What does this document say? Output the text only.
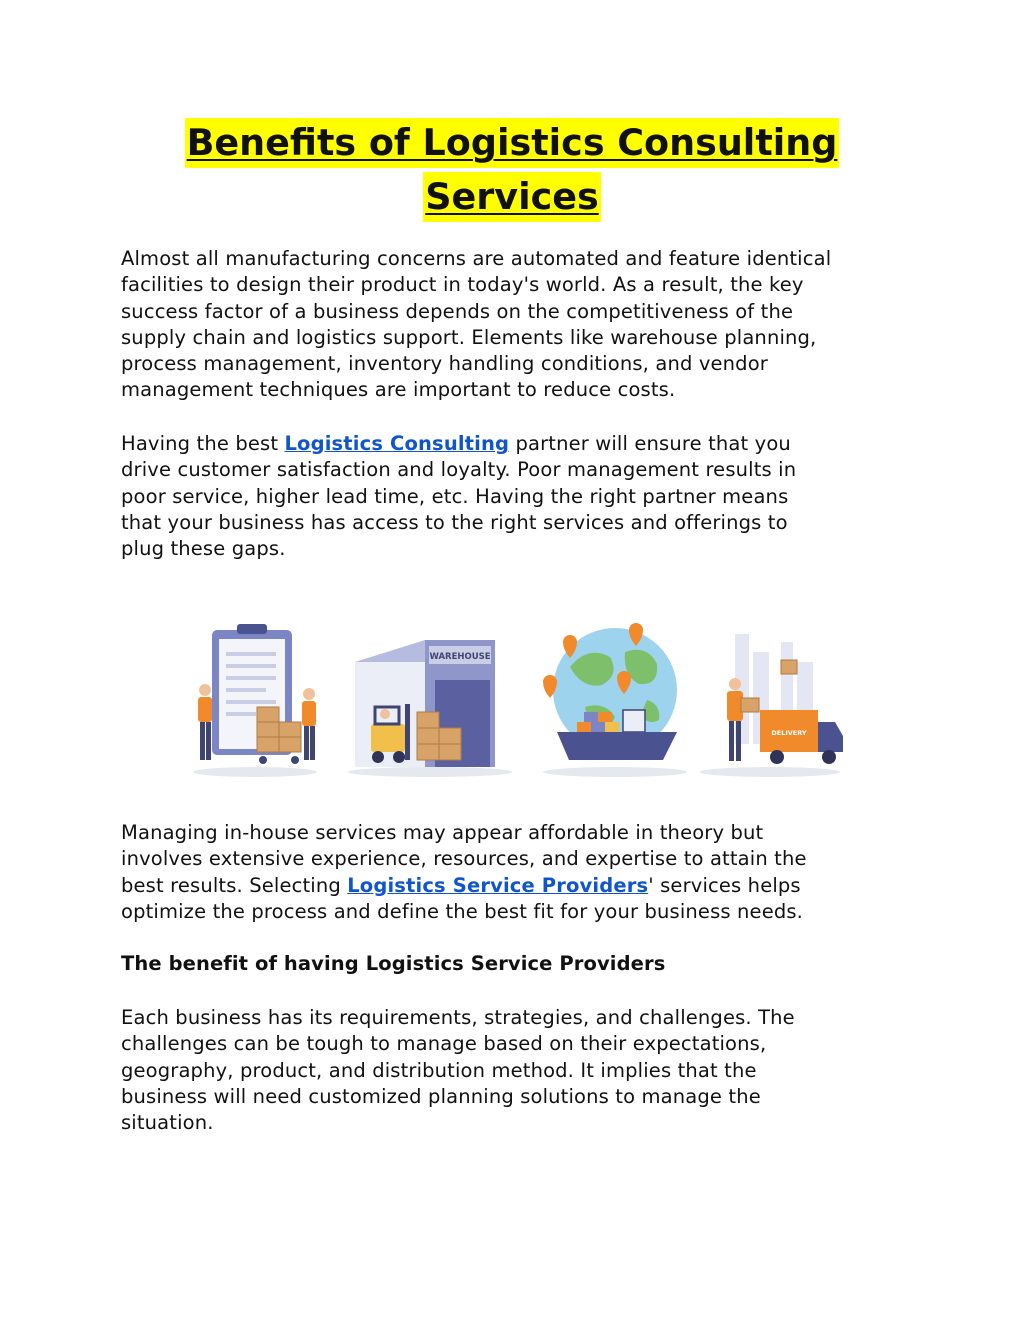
Benefits of Logistics Consulting
Services

Almost all manufacturing concerns are automated and feature identical
facilities to design their product in today's world. As a result, the key
success factor of a business depends on the competitiveness of the
supply chain and logistics support. Elements like warehouse planning,
process management, inventory handling conditions, and vendor
management techniques are important to reduce costs.

Having the best Logistics Consulting partner will ensure that you
drive customer satisfaction and loyalty. Poor management results in
poor service, higher lead time, etc. Having the right partner means
that your business has access to the right services and offerings to
plug these gaps.

WAREHOUSE
DELIVERY

Managing in-house services may appear affordable in theory but
involves extensive experience, resources, and expertise to attain the
best results. Selecting Logistics Service Providers' services helps
optimize the process and define the best fit for your business needs.

The benefit of having Logistics Service Providers

Each business has its requirements, strategies, and challenges. The
challenges can be tough to manage based on their expectations,
geography, product, and distribution method. It implies that the
business will need customized planning solutions to manage the
situation.
